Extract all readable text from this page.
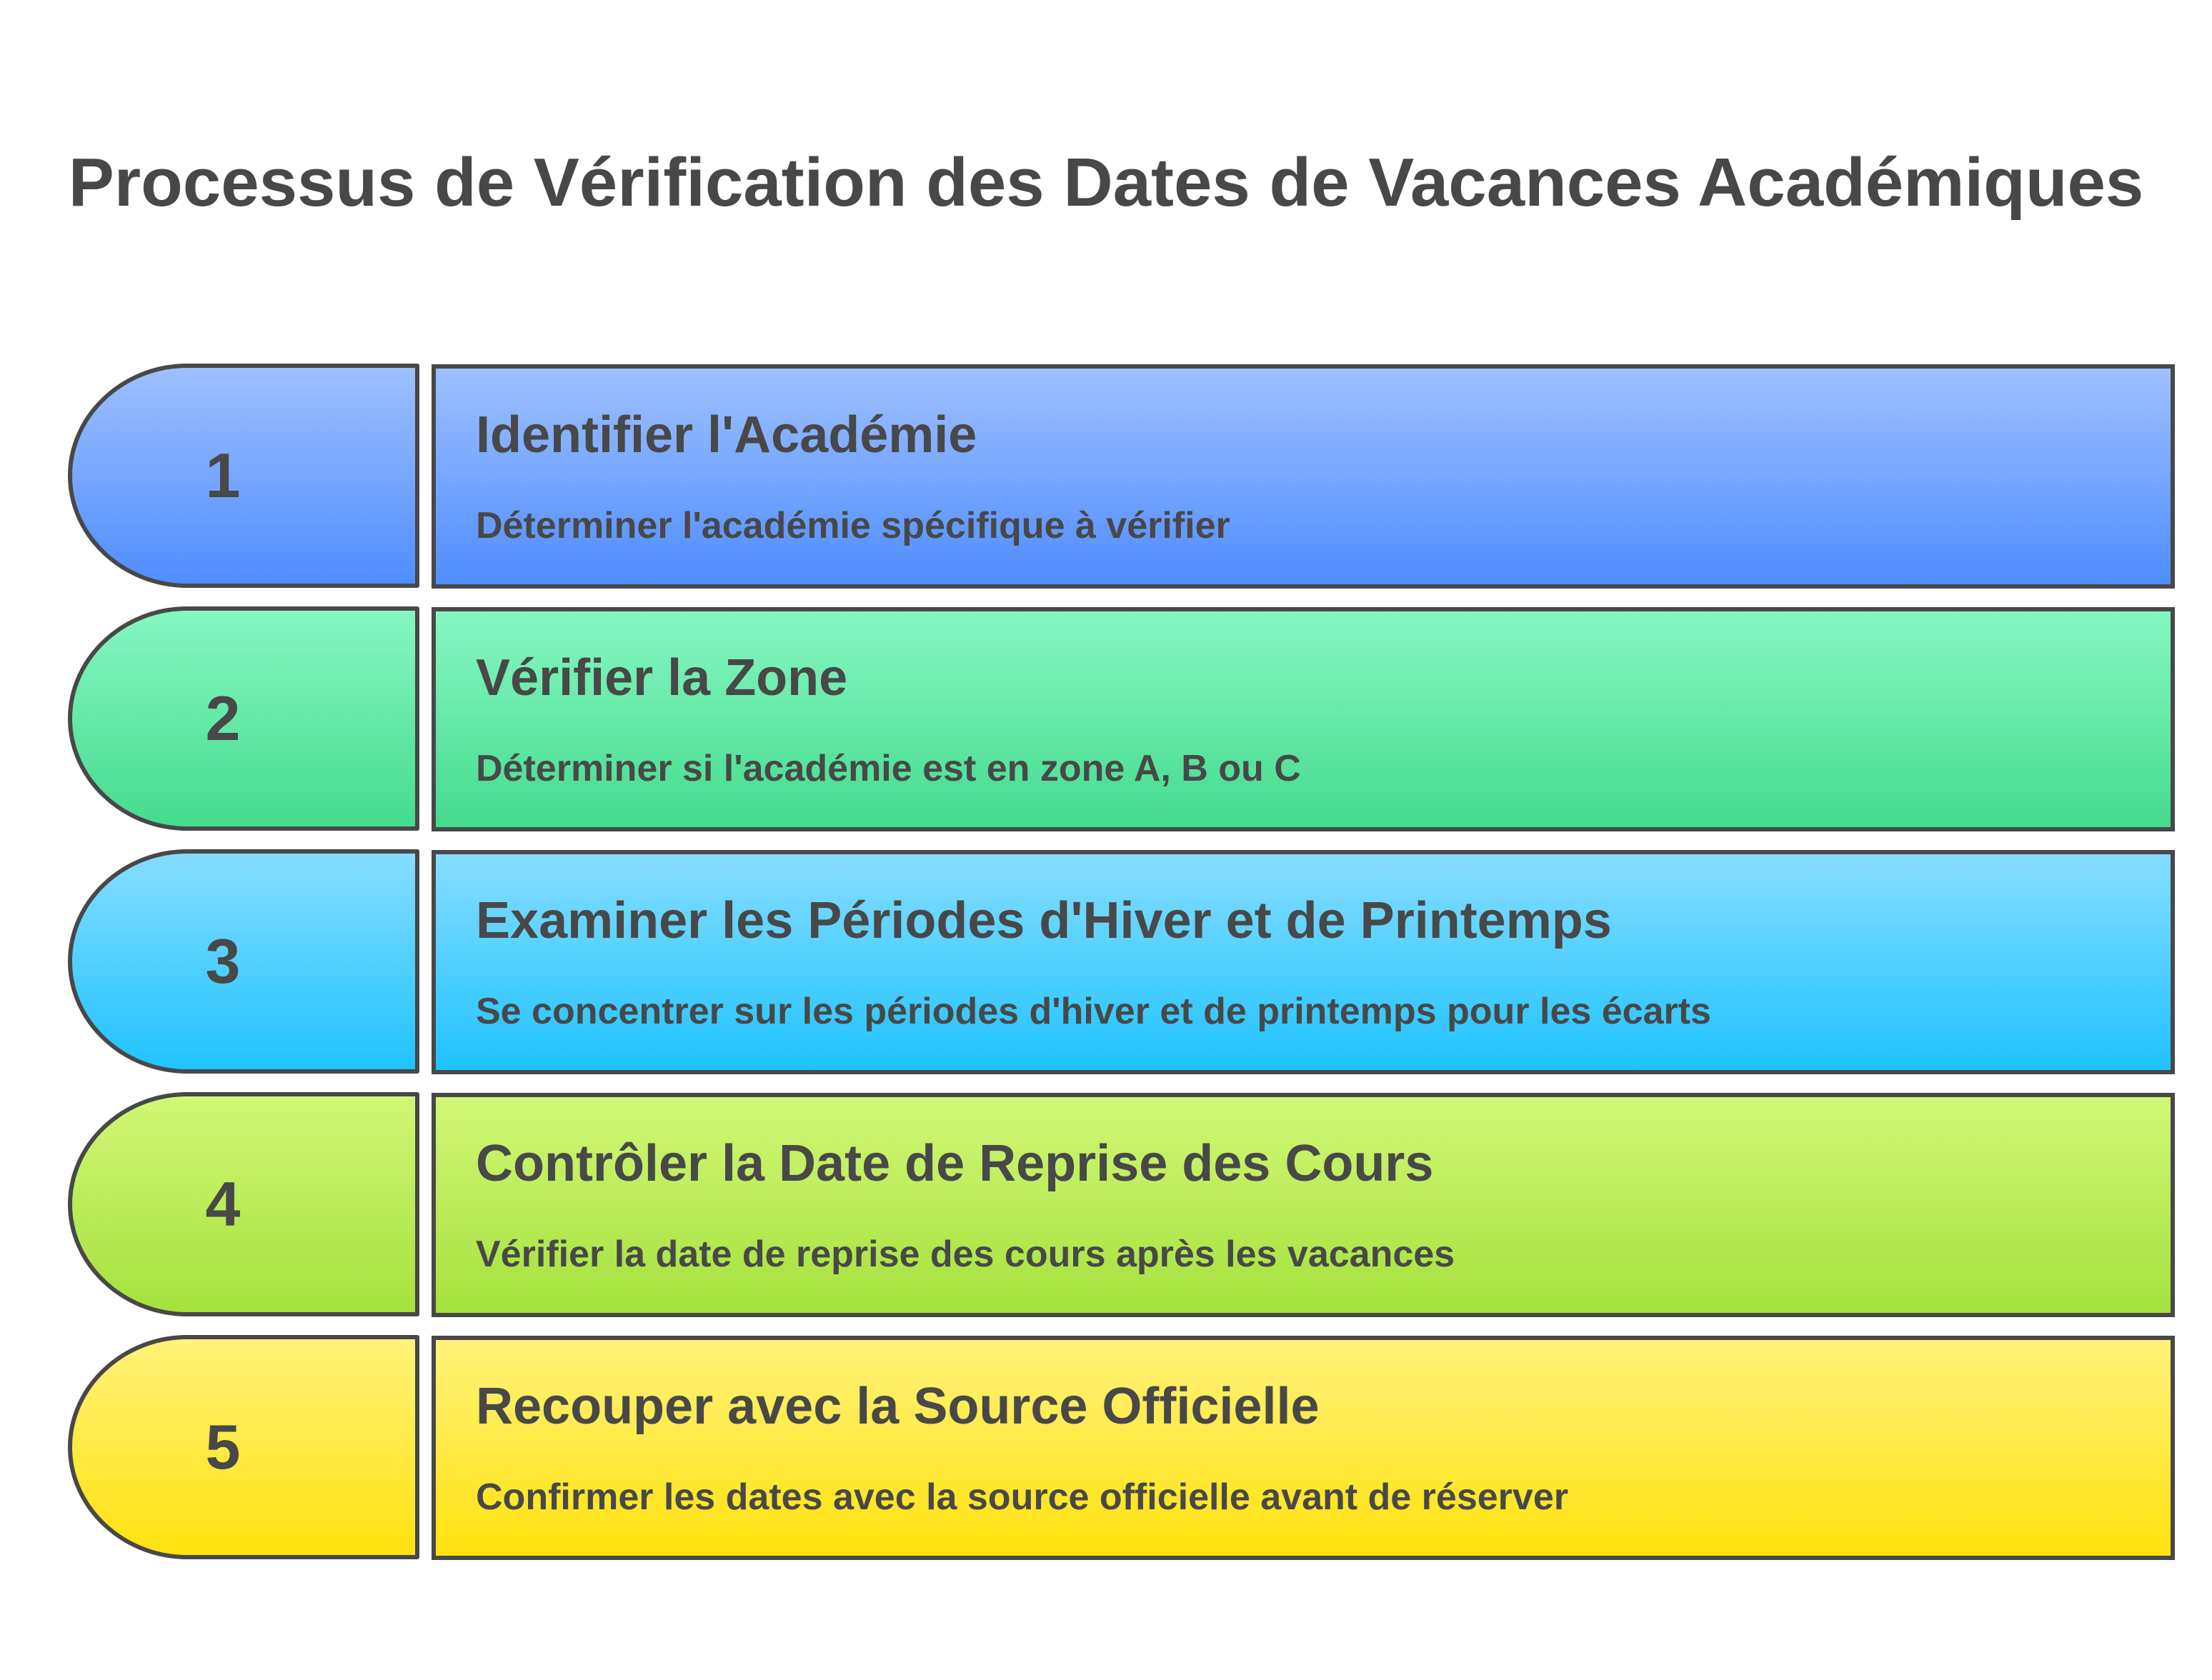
Processus de Vérification des Dates de Vacances Académiques
1
Identifier l'Académie
Déterminer l'académie spécifique à vérifier
2
Vérifier la Zone
Déterminer si l'académie est en zone A, B ou C
3
Examiner les Périodes d'Hiver et de Printemps
Se concentrer sur les périodes d'hiver et de printemps pour les écarts
4
Contrôler la Date de Reprise des Cours
Vérifier la date de reprise des cours après les vacances
5
Recouper avec la Source Officielle
Confirmer les dates avec la source officielle avant de réserver
